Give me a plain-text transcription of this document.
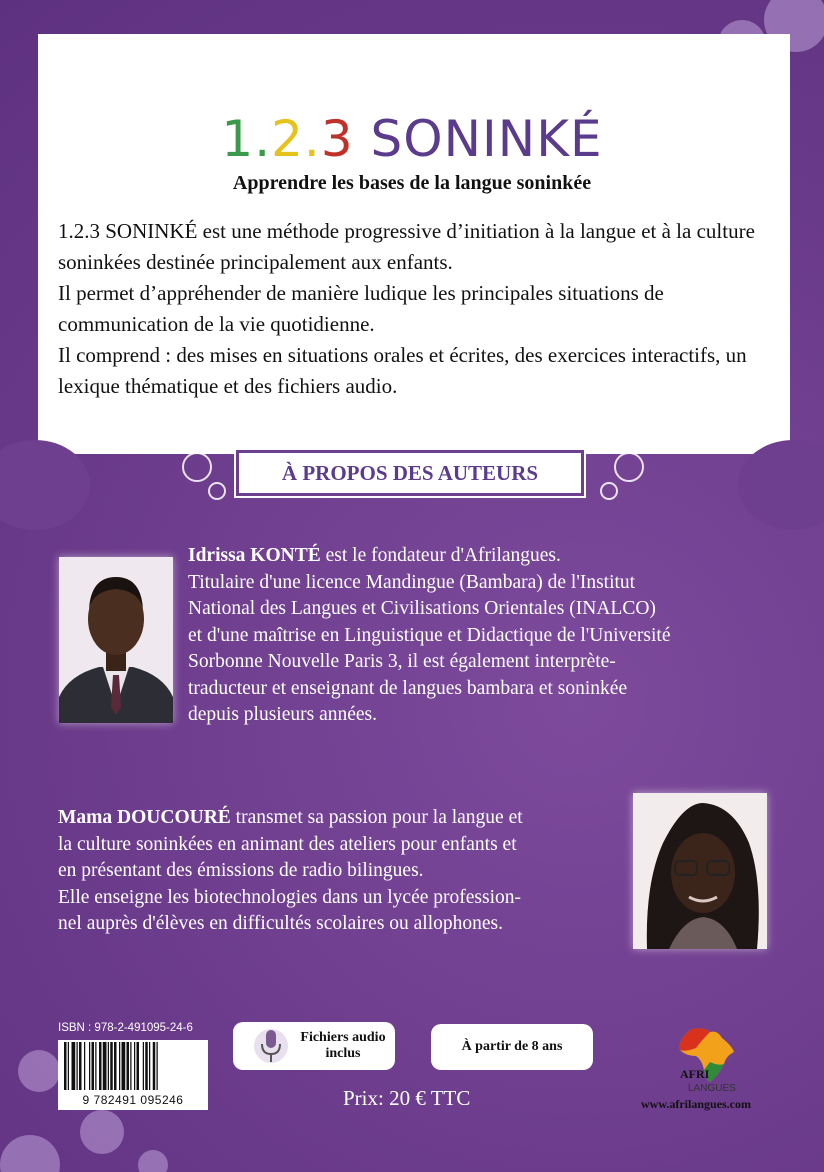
1.2.3 SONINKÉ
Apprendre les bases de la langue soninkée

1.2.3 SONINKÉ est une méthode progressive d’initiation à la langue et à la culture soninkées destinée principalement aux enfants.

Il permet d’appréhender de manière ludique les principales situations de communication de la vie quotidienne.

Il comprend : des mises en situations orales et écrites, des exercices interactifs, un lexique thématique et des fichiers audio.

À PROPOS DES AUTEURS

Idrissa KONTÉ est le fondateur d'Afrilangues.

Titulaire d'une licence Mandingue (Bambara) de l'Institut

National des Langues et Civilisations Orientales (INALCO)

et d'une maîtrise en Linguistique et Didactique de l'Université

Sorbonne Nouvelle Paris 3, il est également interprète-

traducteur et enseignant de langues bambara et soninkée

depuis plusieurs années.

Mama DOUCOURÉ transmet sa passion pour la langue et

la culture soninkées en animant des ateliers pour enfants et

en présentant des émissions de radio bilingues.

Elle enseigne les biotechnologies dans un lycée profession-

nel auprès d'élèves en difficultés scolaires ou allophones.

ISBN : 978-2-491095-24-6
9 782491 095246
Fichiers audio
inclus	À partir de 8 ans
Prix: 20 € TTC
AFRI
LANGUES
www.afrilangues.com
